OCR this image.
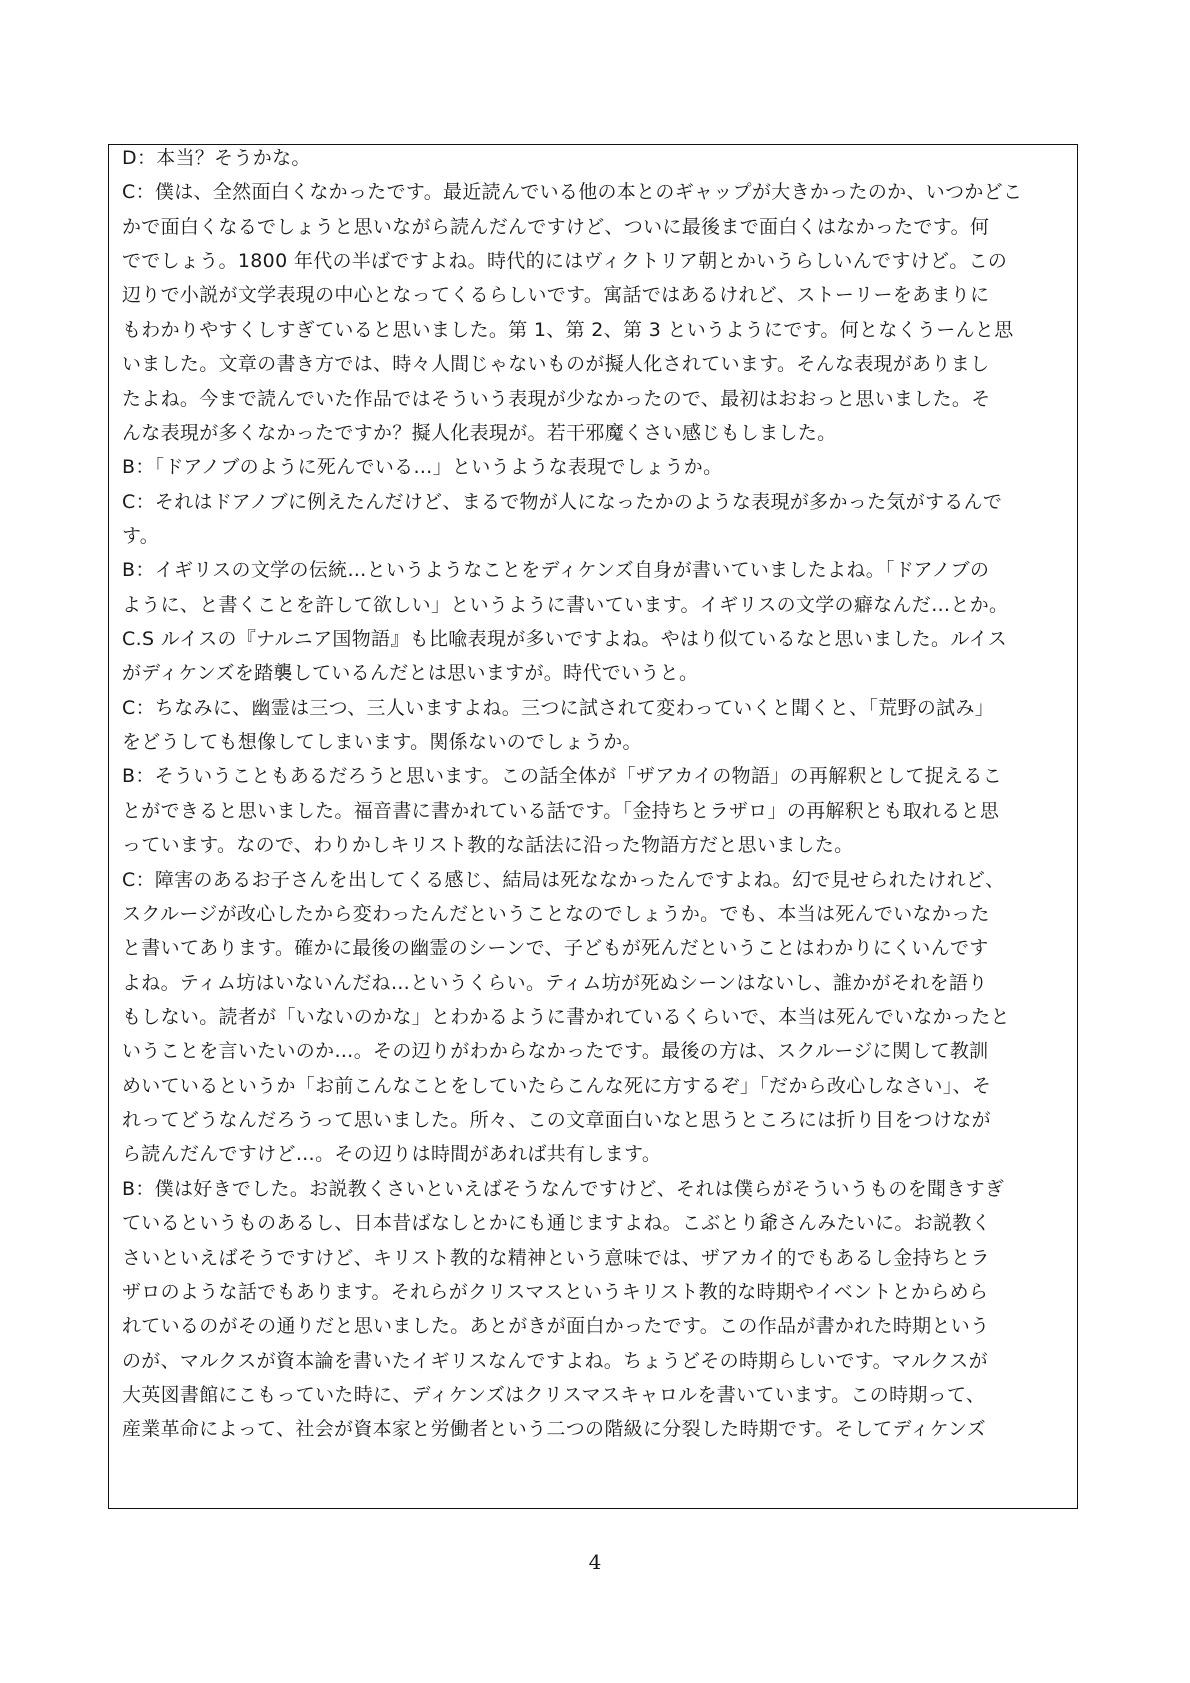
D：本当？そうかな。
C：僕は、全然面白くなかったです。最近読んでいる他の本とのギャップが大きかったのか、いつかどこ
かで面白くなるでしょうと思いながら読んだんですけど、ついに最後まで面白くはなかったです。何
ででしょう。1800 年代の半ばですよね。時代的にはヴィクトリア朝とかいうらしいんですけど。この
辺りで小説が文学表現の中心となってくるらしいです。寓話ではあるけれど、ストーリーをあまりに
もわかりやすくしすぎていると思いました。第 1、第 2、第 3 というようにです。何となくうーんと思
いました。文章の書き方では、時々人間じゃないものが擬人化されています。そんな表現がありまし
たよね。今まで読んでいた作品ではそういう表現が少なかったので、最初はおおっと思いました。そ
んな表現が多くなかったですか？擬人化表現が。若干邪魔くさい感じもしました。
B：「ドアノブのように死んでいる…」というような表現でしょうか。
C：それはドアノブに例えたんだけど、まるで物が人になったかのような表現が多かった気がするんで
す。
B：イギリスの文学の伝統…というようなことをディケンズ自身が書いていましたよね。「ドアノブの
ように、と書くことを許して欲しい」というように書いています。イギリスの文学の癖なんだ…とか。
C.S ルイスの『ナルニア国物語』も比喩表現が多いですよね。やはり似ているなと思いました。ルイス
がディケンズを踏襲しているんだとは思いますが。時代でいうと。
C：ちなみに、幽霊は三つ、三人いますよね。三つに試されて変わっていくと聞くと、「荒野の試み」
をどうしても想像してしまいます。関係ないのでしょうか。
B：そういうこともあるだろうと思います。この話全体が「ザアカイの物語」の再解釈として捉えるこ
とができると思いました。福音書に書かれている話です。「金持ちとラザロ」の再解釈とも取れると思
っています。なので、わりかしキリスト教的な話法に沿った物語方だと思いました。
C：障害のあるお子さんを出してくる感じ、結局は死ななかったんですよね。幻で見せられたけれど、
スクルージが改心したから変わったんだということなのでしょうか。でも、本当は死んでいなかった
と書いてあります。確かに最後の幽霊のシーンで、子どもが死んだということはわかりにくいんです
よね。ティム坊はいないんだね…というくらい。ティム坊が死ぬシーンはないし、誰かがそれを語り
もしない。読者が「いないのかな」とわかるように書かれているくらいで、本当は死んでいなかったと
いうことを言いたいのか…。その辺りがわからなかったです。最後の方は、スクルージに関して教訓
めいているというか「お前こんなことをしていたらこんな死に方するぞ」「だから改心しなさい」、そ
れってどうなんだろうって思いました。所々、この文章面白いなと思うところには折り目をつけなが
ら読んだんですけど…。その辺りは時間があれば共有します。
B：僕は好きでした。お説教くさいといえばそうなんですけど、それは僕らがそういうものを聞きすぎ
ているというものあるし、日本昔ばなしとかにも通じますよね。こぶとり爺さんみたいに。お説教く
さいといえばそうですけど、キリスト教的な精神という意味では、ザアカイ的でもあるし金持ちとラ
ザロのような話でもあります。それらがクリスマスというキリスト教的な時期やイベントとからめら
れているのがその通りだと思いました。あとがきが面白かったです。この作品が書かれた時期という
のが、マルクスが資本論を書いたイギリスなんですよね。ちょうどその時期らしいです。マルクスが
大英図書館にこもっていた時に、ディケンズはクリスマスキャロルを書いています。この時期って、
産業革命によって、社会が資本家と労働者という二つの階級に分裂した時期です。そしてディケンズ
4
